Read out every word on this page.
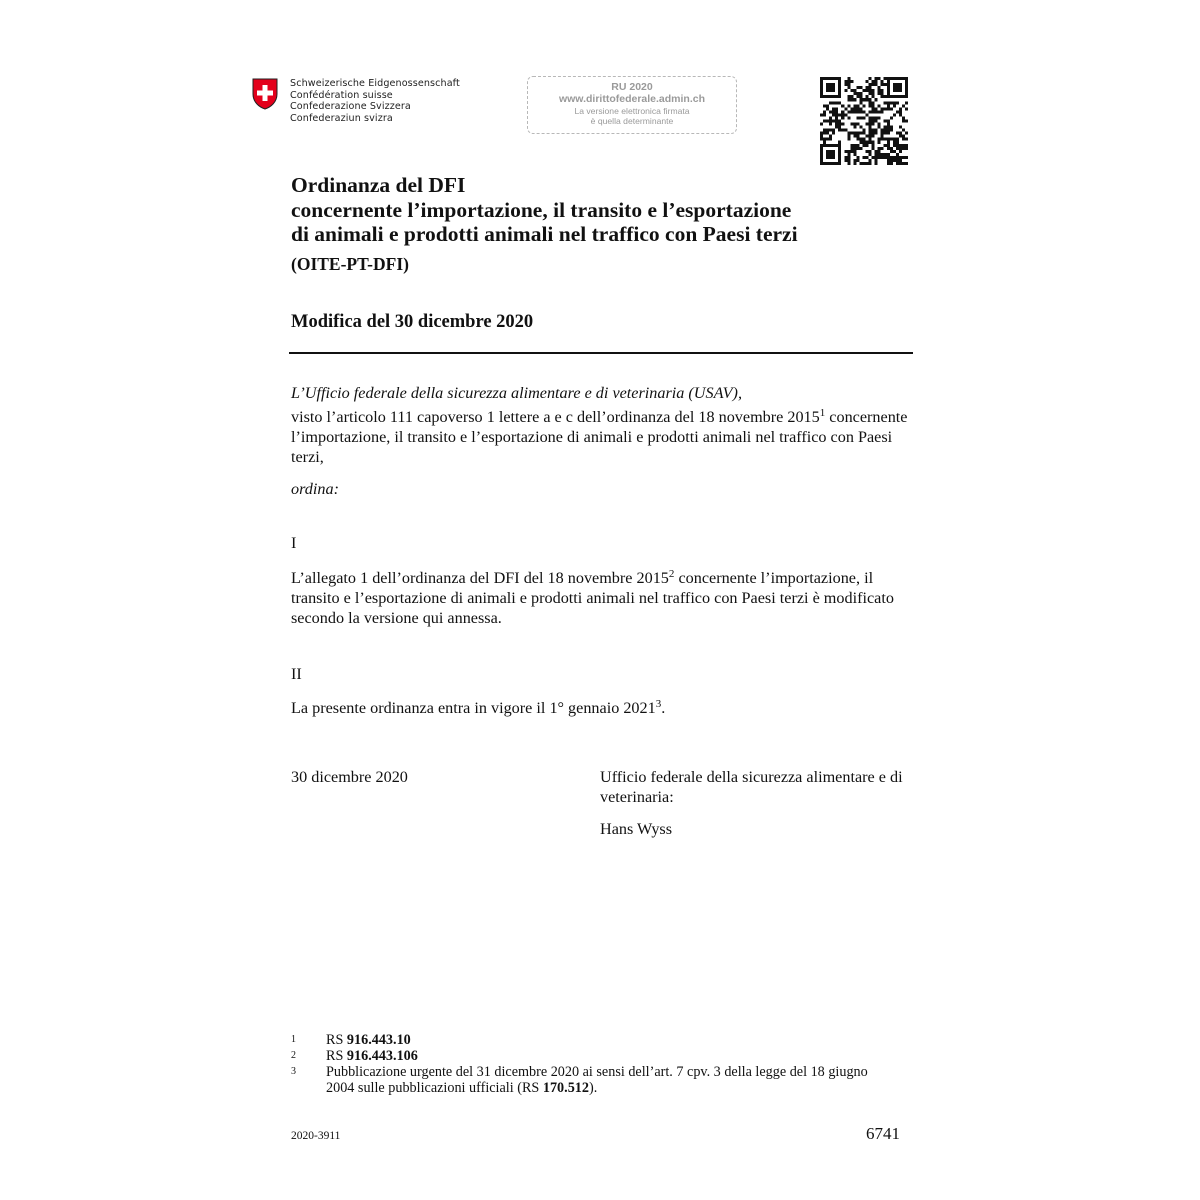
Schweizerische Eidgenossenschaft
Confédération suisse
Confederazione Svizzera
Confederaziun svizra
RU 2020
www.dirittofederale.admin.ch
La versione elettronica firmata
è quella determinante
Ordinanza del DFI
concernente l’importazione, il transito e l’esportazione
di animali e prodotti animali nel traffico con Paesi terzi
(OITE-PT-DFI)
Modifica del 30 dicembre 2020
L’Ufficio federale della sicurezza alimentare e di veterinaria (USAV),
visto l’articolo 111 capoverso 1 lettere a e c dell’ordinanza del 18 novembre 2015$^1$ concernente l’importazione, il transito e l’esportazione di animali e prodotti animali nel traffico con Paesi terzi,
ordina:
I
L’allegato 1 dell’ordinanza del DFI del 18 novembre 2015$^2$ concernente l’importazione, il transito e l’esportazione di animali e prodotti animali nel traffico con Paesi terzi è modificato secondo la versione qui annessa.
II
La presente ordinanza entra in vigore il 1° gennaio 2021$^3$.
30 dicembre 2020	Ufficio federale della sicurezza alimentare e di veterinaria:
Hans Wyss
1 RS 916.443.10
2 RS 916.443.106
3 Pubblicazione urgente del 31 dicembre 2020 ai sensi dell’art. 7 cpv. 3 della legge del 18 giugno 2004 sulle pubblicazioni ufficiali (RS 170.512).
2020-3911	6741
